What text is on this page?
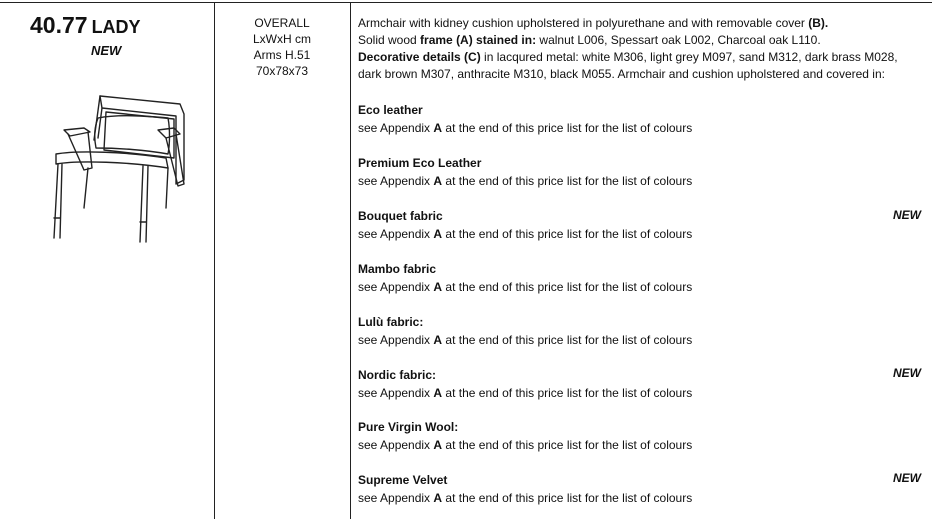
40.77 LADY
NEW
OVERALL
LxWxH cm
Arms H.51
70x78x73
Armchair with kidney cushion upholstered in polyurethane and with removable cover (B).
Solid wood frame (A) stained in: walnut L006, Spessart oak L002, Charcoal oak L110.
Decorative details (C) in lacqured metal: white M306, light grey M097, sand M312, dark brass M028,
dark brown M307, anthracite M310, black M055. Armchair and cushion upholstered and covered in:
Eco leather
see Appendix A at the end of this price list for the list of colours
Premium Eco Leather
see Appendix A at the end of this price list for the list of colours
Bouquet fabric
see Appendix A at the end of this price list for the list of colours
NEW
Mambo fabric
see Appendix A at the end of this price list for the list of colours
Lulù fabric:
see Appendix A at the end of this price list for the list of colours
Nordic fabric:
see Appendix A at the end of this price list for the list of colours
NEW
Pure Virgin Wool:
see Appendix A at the end of this price list for the list of colours
Supreme Velvet
see Appendix A at the end of this price list for the list of colours
NEW
